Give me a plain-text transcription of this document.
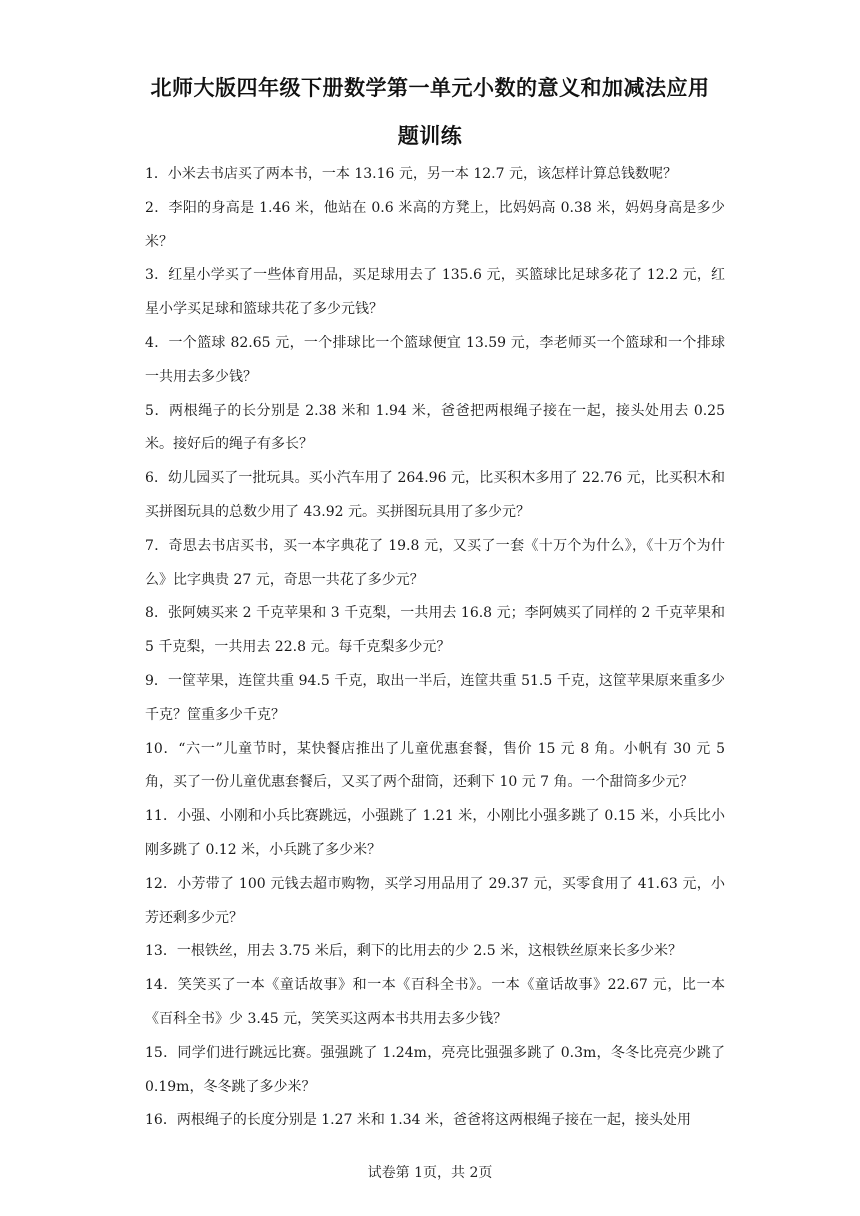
北师大版四年级下册数学第一单元小数的意义和加减法应用
题训练

1．小米去书店买了两本书，一本 13.16 元，另一本 12.7 元，该怎样计算总钱数呢？

2．李阳的身高是 1.46 米，他站在 0.6 米高的方凳上，比妈妈高 0.38 米，妈妈身高是多少米？

3．红星小学买了一些体育用品，买足球用去了 135.6 元，买篮球比足球多花了 12.2 元，红星小学买足球和篮球共花了多少元钱？

4．一个篮球 82.65 元，一个排球比一个篮球便宜 13.59 元，李老师买一个篮球和一个排球一共用去多少钱？

5．两根绳子的长分别是 2.38 米和 1.94 米，爸爸把两根绳子接在一起，接头处用去 0.25 米。接好后的绳子有多长？

6．幼儿园买了一批玩具。买小汽车用了 264.96 元，比买积木多用了 22.76 元，比买积木和买拼图玩具的总数少用了 43.92 元。买拼图玩具用了多少元？

7．奇思去书店买书，买一本字典花了 19.8 元，又买了一套《十万个为什么》，《十万个为什么》比字典贵 27 元，奇思一共花了多少元？

8．张阿姨买来 2 千克苹果和 3 千克梨，一共用去 16.8 元；李阿姨买了同样的 2 千克苹果和 5 千克梨，一共用去 22.8 元。每千克梨多少元？

9．一筐苹果，连筐共重 94.5 千克，取出一半后，连筐共重 51.5 千克，这筐苹果原来重多少千克？筐重多少千克？

10．“六一”儿童节时，某快餐店推出了儿童优惠套餐，售价 15 元 8 角。小帆有 30 元 5 角，买了一份儿童优惠套餐后，又买了两个甜筒，还剩下 10 元 7 角。一个甜筒多少元？

11．小强、小刚和小兵比赛跳远，小强跳了 1.21 米，小刚比小强多跳了 0.15 米，小兵比小刚多跳了 0.12 米，小兵跳了多少米？

12．小芳带了 100 元钱去超市购物，买学习用品用了 29.37 元，买零食用了 41.63 元，小芳还剩多少元？

13．一根铁丝，用去 3.75 米后，剩下的比用去的少 2.5 米，这根铁丝原来长多少米？

14．笑笑买了一本《童话故事》和一本《百科全书》。一本《童话故事》22.67 元，比一本《百科全书》少 3.45 元，笑笑买这两本书共用去多少钱？

15．同学们进行跳远比赛。强强跳了 1.24m，亮亮比强强多跳了 0.3m，冬冬比亮亮少跳了 0.19m，冬冬跳了多少米？

16．两根绳子的长度分别是 1.27 米和 1.34 米，爸爸将这两根绳子接在一起，接头处用

试卷第 1页，共 2页
